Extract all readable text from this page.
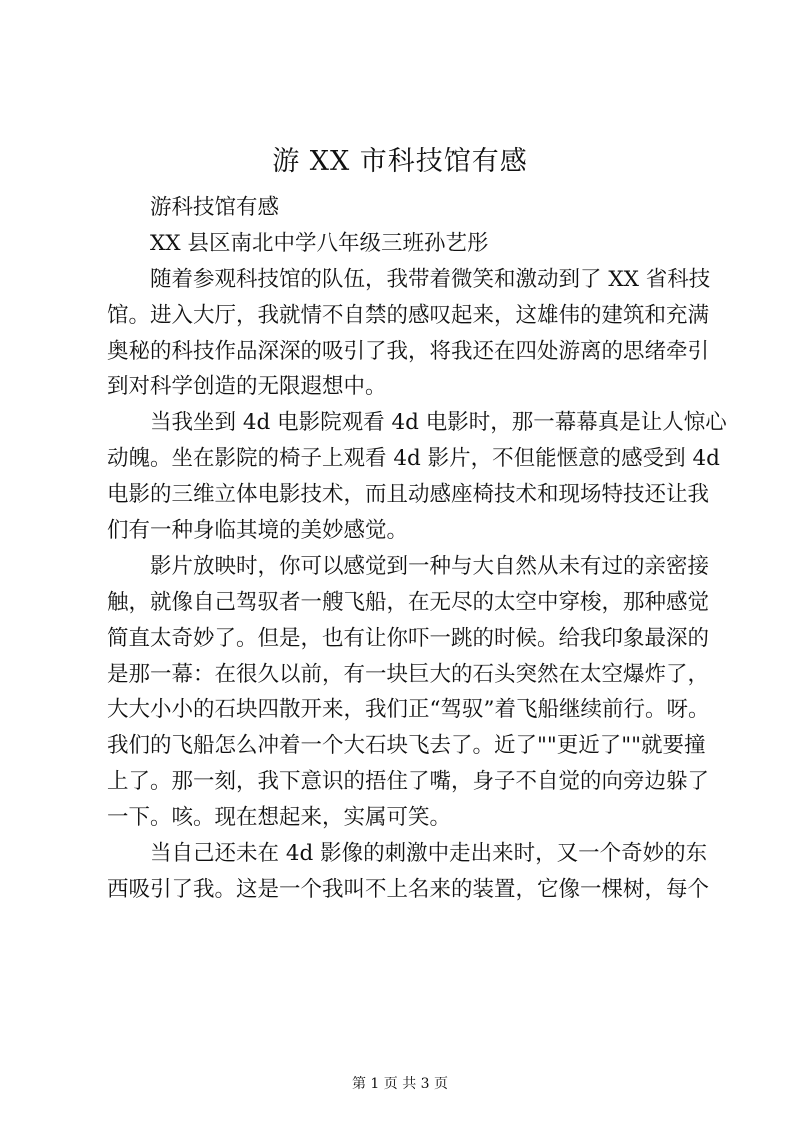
游 XX 市科技馆有感
游科技馆有感
XX 县区南北中学八年级三班孙艺彤
随着参观科技馆的队伍，我带着微笑和激动到了 XX 省科技
馆。进入大厅，我就情不自禁的感叹起来，这雄伟的建筑和充满
奥秘的科技作品深深的吸引了我，将我还在四处游离的思绪牵引
到对科学创造的无限遐想中。
当我坐到 4d 电影院观看 4d 电影时，那一幕幕真是让人惊心
动魄。坐在影院的椅子上观看 4d 影片，不但能惬意的感受到 4d
电影的三维立体电影技术，而且动感座椅技术和现场特技还让我
们有一种身临其境的美妙感觉。
影片放映时，你可以感觉到一种与大自然从未有过的亲密接
触，就像自己驾驭者一艘飞船，在无尽的太空中穿梭，那种感觉
简直太奇妙了。但是，也有让你吓一跳的时候。给我印象最深的
是那一幕：在很久以前，有一块巨大的石头突然在太空爆炸了，
大大小小的石块四散开来，我们正“驾驭”着飞船继续前行。呀。
我们的飞船怎么冲着一个大石块飞去了。近了""更近了""就要撞
上了。那一刻，我下意识的捂住了嘴，身子不自觉的向旁边躲了
一下。咳。现在想起来，实属可笑。
当自己还未在 4d 影像的刺激中走出来时，又一个奇妙的东
西吸引了我。这是一个我叫不上名来的装置，它像一棵树，每个
第 1 页 共 3 页
